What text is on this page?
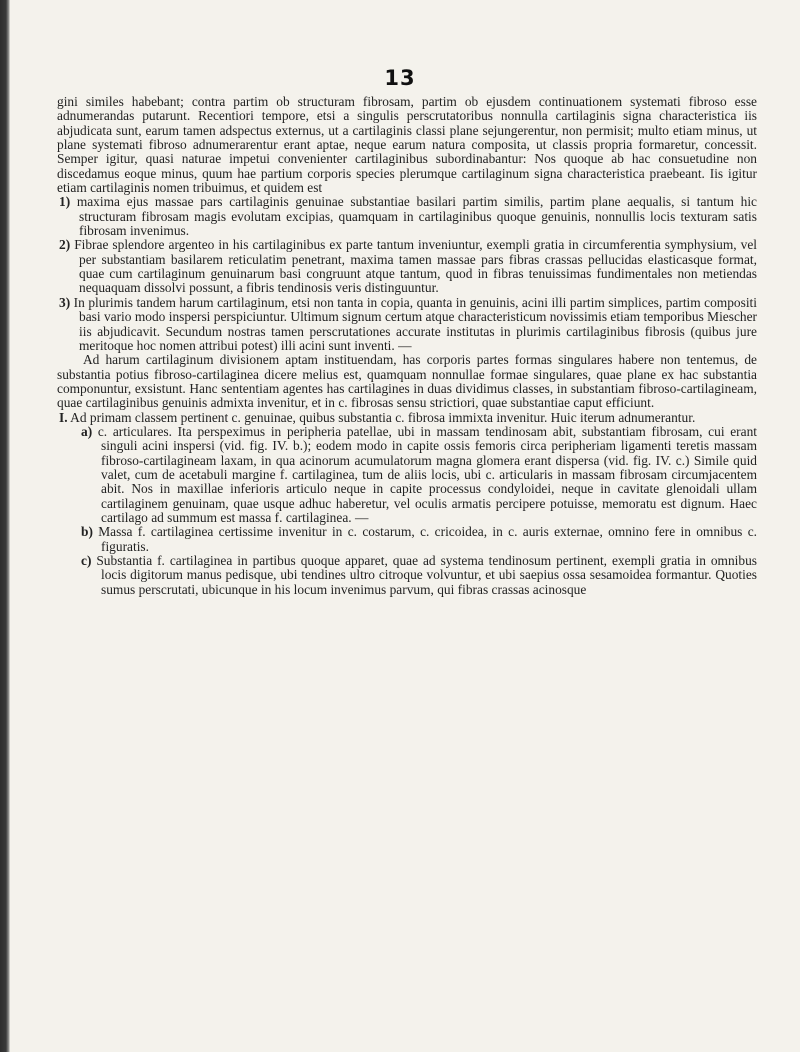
13

gini similes habebant; contra partim ob structuram fibrosam, partim ob ejusdem continuationem systemati fibroso esse adnumerandas putarunt. Recentiori tempore, etsi a singulis perscrutatoribus nonnulla cartilaginis signa characteristica iis abjudicata sunt, earum tamen adspectus externus, ut a cartilaginis classi plane sejungerentur, non permisit; multo etiam minus, ut plane systemati fibroso adnumerarentur erant aptae, neque earum natura composita, ut classis propria formaretur, concessit. Semper igitur, quasi naturae impetui convenienter cartilaginibus subordinabantur: Nos quoque ab hac consuetudine non discedamus eoque minus, quum hae partium corporis species plerumque cartilaginum signa characteristica praebeant. Iis igitur etiam cartilaginis nomen tribuimus, et quidem est

1) maxima ejus massae pars cartilaginis genuinae substantiae basilari partim similis, partim plane aequalis, si tantum hic structuram fibrosam magis evolutam excipias, quamquam in cartilaginibus quoque genuinis, nonnullis locis texturam satis fibrosam invenimus.

2) Fibrae splendore argenteo in his cartilaginibus ex parte tantum inveniuntur, exempli gratia in circumferentia symphysium, vel per substantiam basilarem reticulatim penetrant, maxima tamen massae pars fibras crassas pellucidas elasticasque format, quae cum cartilaginum genuinarum basi congruunt atque tantum, quod in fibras tenuissimas fundimentales non metiendas nequaquam dissolvi possunt, a fibris tendinosis veris distinguuntur.

3) In plurimis tandem harum cartilaginum, etsi non tanta in copia, quanta in genuinis, acini illi partim simplices, partim compositi basi vario modo inspersi perspiciuntur. Ultimum signum certum atque characteristicum novissimis etiam temporibus Mieschеr iis abjudicavit. Secundum nostras tamen perscrutationes accurate institutas in plurimis cartilaginibus fibrosis (quibus jure meritoque hoc nomen attribui potest) illi acini sunt inventi. —

Ad harum cartilaginum divisionem aptam instituendam, has corporis partes formas singulares habere non tentemus, de substantia potius fibroso-cartilaginea dicere melius est, quamquam nonnullae formae singulares, quae plane ex hac substantia componuntur, exsistunt. Hanc sententiam agentes has cartilagines in duas dividimus classes, in substantiam fibroso-cartilagineam, quae cartilaginibus genuinis admixta invenitur, et in c. fibrosas sensu strictiori, quae substantiae caput efficiunt.

I. Ad primam classem pertinent c. genuinae, quibus substantia c. fibrosa immixta invenitur. Huic iterum adnumerantur.

a) c. articulares. Ita perspeximus in peripheria patellae, ubi in massam tendinosam abit, substantiam fibrosam, cui erant singuli acini inspersi (vid. fig. IV. b.); eodem modo in capite ossis femoris circa peripheriam ligamenti teretis massam fibroso-cartilagineam laxam, in qua acinorum acumulatorum magna glomera erant dispersa (vid. fig. IV. c.) Simile quid valet, cum de acetabuli margine f. cartilaginea, tum de aliis locis, ubi c. articularis in massam fibrosam circumjacentem abit. Nos in maxillae inferioris articulo neque in capite processus condyloidei, neque in cavitate glenoidali ullam cartilaginem genuinam, quae usque adhuc haberetur, vel oculis armatis percipere potuisse, memoratu est dignum. Haec cartilago ad summum est massa f. cartilaginea. —

b) Massa f. cartilaginea certissime invenitur in c. costarum, c. cricoidea, in c. auris externae, omnino fere in omnibus c. figuratis.

c) Substantia f. cartilaginea in partibus quoque apparet, quae ad systema tendinosum pertinent, exempli gratia in omnibus locis digitorum manus pedisque, ubi tendines ultro citroque volvuntur, et ubi saepius ossa sesamoidea formantur. Quoties sumus perscrutati, ubicunque in his locum invenimus parvum, qui fibras crassas acinosque
